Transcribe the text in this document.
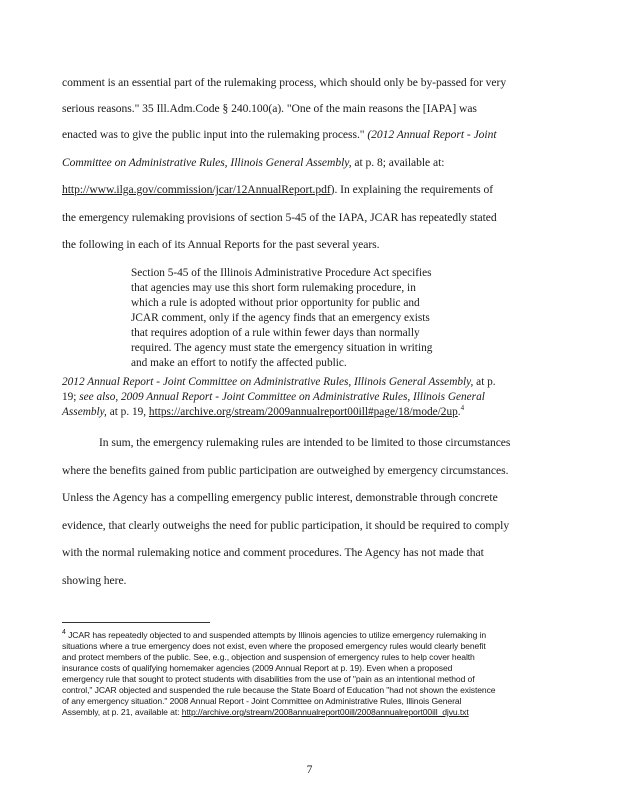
comment is an essential part of the rulemaking process, which should only be by-passed for very
serious reasons." 35 Ill.Adm.Code § 240.100(a). "One of the main reasons the [IAPA] was
enacted was to give the public input into the rulemaking process." (2012 Annual Report - Joint
Committee on Administrative Rules, Illinois General Assembly, at p. 8; available at:
http://www.ilga.gov/commission/jcar/12AnnualReport.pdf). In explaining the requirements of
the emergency rulemaking provisions of section 5-45 of the IAPA, JCAR has repeatedly stated
the following in each of its Annual Reports for the past several years.
Section 5-45 of the Illinois Administrative Procedure Act specifies
that agencies may use this short form rulemaking procedure, in
which a rule is adopted without prior opportunity for public and
JCAR comment, only if the agency finds that an emergency exists
that requires adoption of a rule within fewer days than normally
required. The agency must state the emergency situation in writing
and make an effort to notify the affected public.
2012 Annual Report - Joint Committee on Administrative Rules, Illinois General Assembly, at p.
19; see also, 2009 Annual Report - Joint Committee on Administrative Rules, Illinois General
Assembly, at p. 19, https://archive.org/stream/2009annualreport00ill#page/18/mode/2up.$^4$
In sum, the emergency rulemaking rules are intended to be limited to those circumstances
where the benefits gained from public participation are outweighed by emergency circumstances.
Unless the Agency has a compelling emergency public interest, demonstrable through concrete
evidence, that clearly outweighs the need for public participation, it should be required to comply
with the normal rulemaking notice and comment procedures. The Agency has not made that
showing here.
$^4$ JCAR has repeatedly objected to and suspended attempts by Illinois agencies to utilize emergency rulemaking in
situations where a true emergency does not exist, even where the proposed emergency rules would clearly benefit
and protect members of the public. See, e.g., objection and suspension of emergency rules to help cover health
insurance costs of qualifying homemaker agencies (2009 Annual Report at p. 19). Even when a proposed
emergency rule that sought to protect students with disabilities from the use of "pain as an intentional method of
control," JCAR objected and suspended the rule because the State Board of Education "had not shown the existence
of any emergency situation." 2008 Annual Report - Joint Committee on Administrative Rules, Illinois General
Assembly, at p. 21, available at: http://archive.org/stream/2008annualreport00ill/2008annualreport00ill_djvu.txt
7
